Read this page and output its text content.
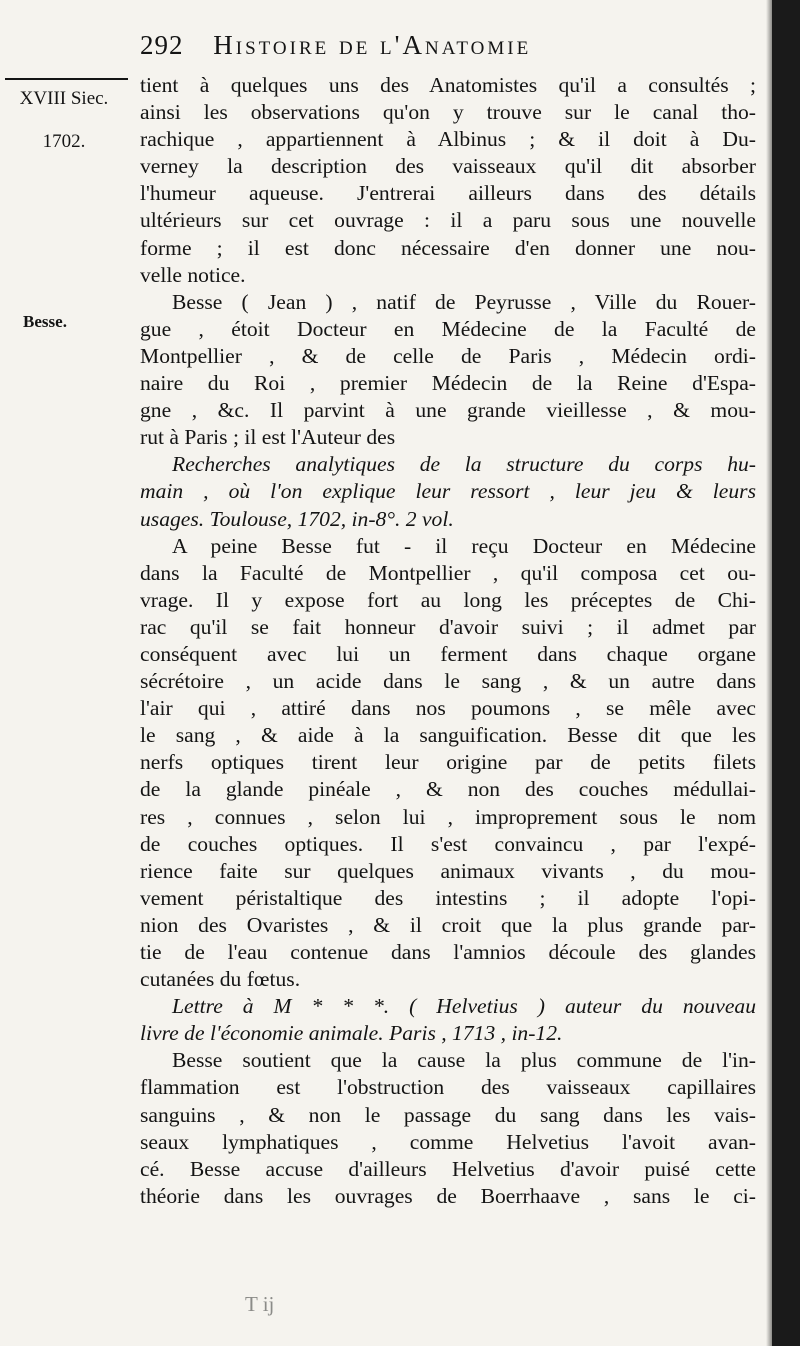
292 Histoire de l'Anatomie
XVIII Siec.
1702.
Besse.
tient à quelques uns des Anatomistes qu'il a consultés ;
ainsi les observations qu'on y trouve sur le canal tho-
rachique , appartiennent à Albinus ; & il doit à Du-
verney la description des vaisseaux qu'il dit absorber
l'humeur aqueuse. J'entrerai ailleurs dans des détails
ultérieurs sur cet ouvrage : il a paru sous une nouvelle
forme ; il est donc nécessaire d'en donner une nou-
velle notice.
Besse ( Jean ) , natif de Peyrusse , Ville du Rouer-
gue , étoit Docteur en Médecine de la Faculté de
Montpellier , & de celle de Paris , Médecin ordi-
naire du Roi , premier Médecin de la Reine d'Espa-
gne , &c. Il parvint à une grande vieillesse , & mou-
rut à Paris ; il est l'Auteur des
Recherches analytiques de la structure du corps hu-
main , où l'on explique leur ressort , leur jeu & leurs
usages. Toulouse, 1702, in-8°. 2 vol.
A peine Besse fut - il reçu Docteur en Médecine
dans la Faculté de Montpellier , qu'il composa cet ou-
vrage. Il y expose fort au long les préceptes de Chi-
rac qu'il se fait honneur d'avoir suivi ; il admet par
conséquent avec lui un ferment dans chaque organe
sécrétoire , un acide dans le sang , & un autre dans
l'air qui , attiré dans nos poumons , se mêle avec
le sang , & aide à la sanguification. Besse dit que les
nerfs optiques tirent leur origine par de petits filets
de la glande pinéale , & non des couches médullai-
res , connues , selon lui , improprement sous le nom
de couches optiques. Il s'est convaincu , par l'expé-
rience faite sur quelques animaux vivants , du mou-
vement péristaltique des intestins ; il adopte l'opi-
nion des Ovaristes , & il croit que la plus grande par-
tie de l'eau contenue dans l'amnios découle des glandes
cutanées du fœtus.
Lettre à M * * *. ( Helvetius ) auteur du nouveau
livre de l'économie animale. Paris , 1713 , in-12.
Besse soutient que la cause la plus commune de l'in-
flammation est l'obstruction des vaisseaux capillaires
sanguins , & non le passage du sang dans les vais-
seaux lymphatiques , comme Helvetius l'avoit avan-
cé. Besse accuse d'ailleurs Helvetius d'avoir puisé cette
théorie dans les ouvrages de Boerrhaave , sans le ci-
T ij
